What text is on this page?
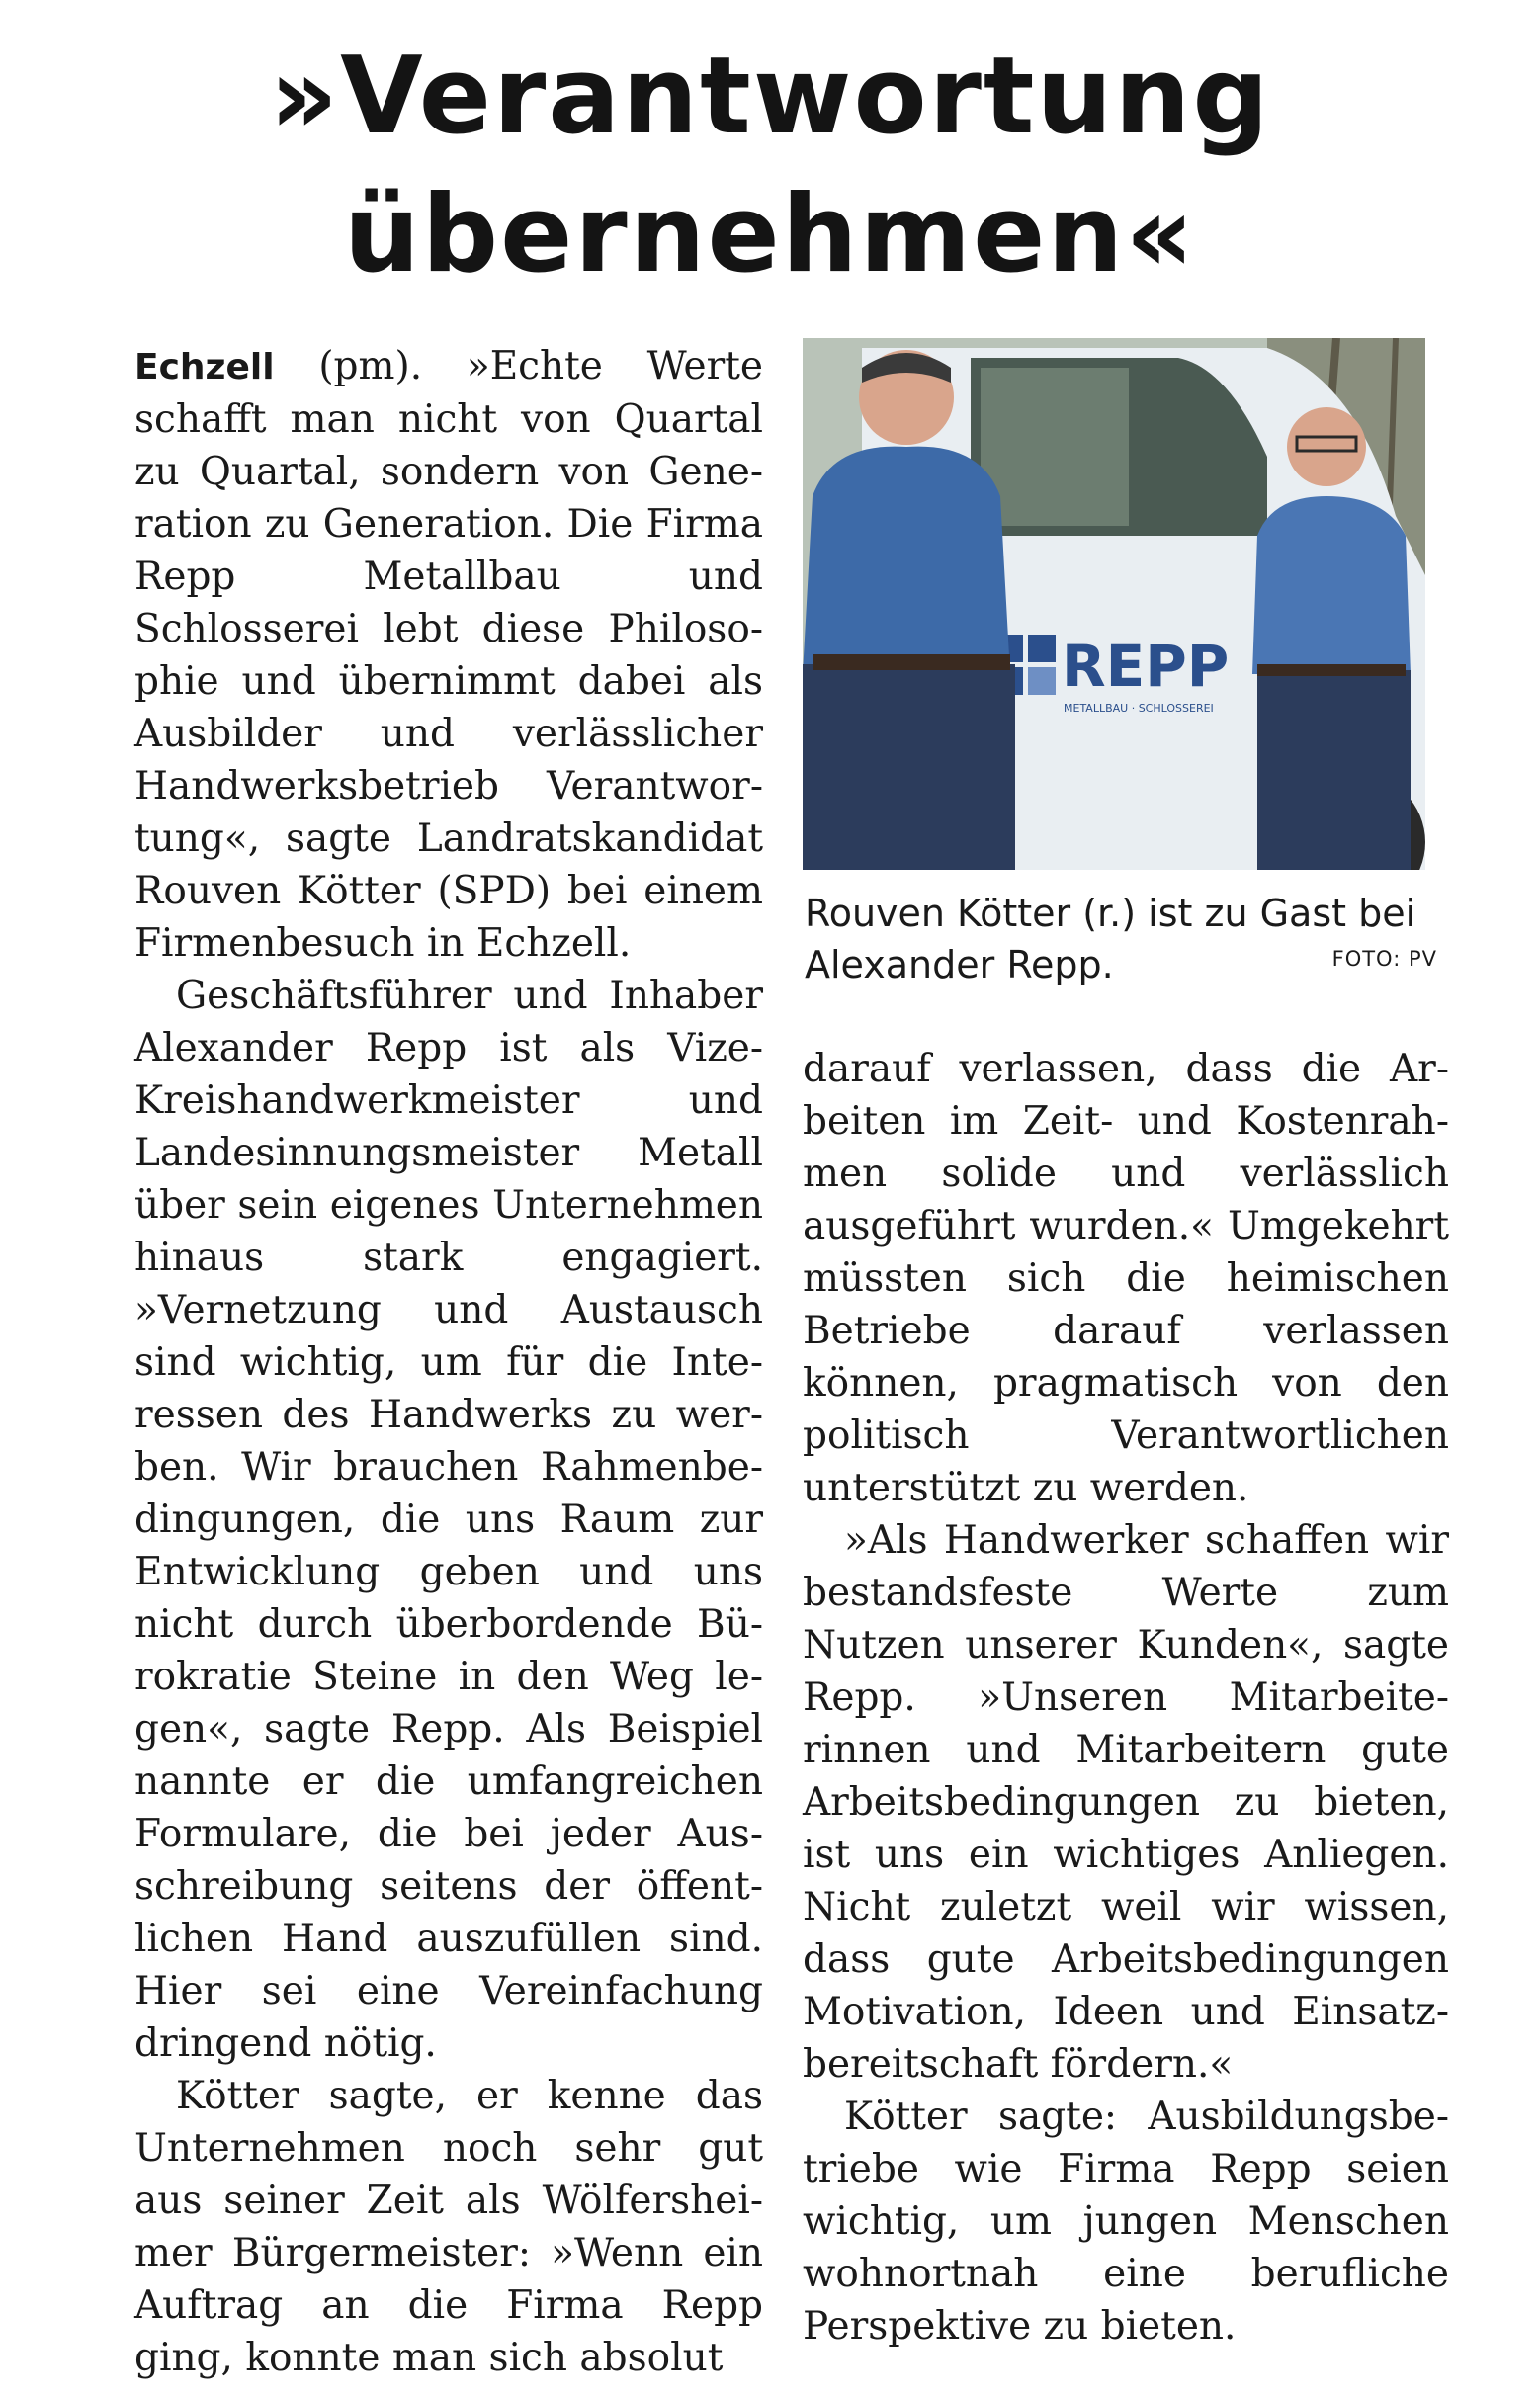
»Verantwortung
übernehmen«

Echzell (pm). »Echte Werte schafft man nicht von Quartal zu Quartal, sondern von Generation zu Generation. Die Firma Repp Metallbau und Schlosserei lebt diese Philosophie und übernimmt dabei als Ausbilder und verlässlicher Handwerksbetrieb Verantwortung«, sagte Landratskandidat Rouven Kötter (SPD) bei einem Firmenbesuch in Echzell.

Geschäftsführer und Inhaber Alexander Repp ist als Vize-Kreishandwerkmeister und Landesinnungsmeister Metall über sein eigenes Unternehmen hinaus stark engagiert. »Vernetzung und Austausch sind wichtig, um für die Interessen des Handwerks zu werben. Wir brauchen Rahmenbedingungen, die uns Raum zur Entwicklung geben und uns nicht durch überbordende Bürokratie Steine in den Weg legen«, sagte Repp. Als Beispiel nannte er die umfangreichen Formulare, die bei jeder Ausschreibung seitens der öffentlichen Hand auszufüllen sind. Hier sei eine Vereinfachung dringend nötig.

Kötter sagte, er kenne das Unternehmen noch sehr gut aus seiner Zeit als Wölfersheimer Bürgermeister: »Wenn ein Auftrag an die Firma Repp ging, konnte man sich absolut

REPP
METALLBAU · SCHLOSSEREI
Rouven Kötter (r.) ist zu Gast bei Alexander Repp.	FOTO: PV

darauf verlassen, dass die Arbeiten im Zeit- und Kostenrahmen solide und verlässlich ausgeführt wurden.« Umgekehrt müssten sich die heimischen Betriebe darauf verlassen können, pragmatisch von den politisch Verantwortlichen unterstützt zu werden.

»Als Handwerker schaffen wir bestandsfeste Werte zum Nutzen unserer Kunden«, sagte Repp. »Unseren Mitarbeiterinnen und Mitarbeitern gute Arbeitsbedingungen zu bieten, ist uns ein wichtiges Anliegen. Nicht zuletzt weil wir wissen, dass gute Arbeitsbedingungen Motivation, Ideen und Einsatzbereitschaft fördern.«

Kötter sagte: Ausbildungsbetriebe wie Firma Repp seien wichtig, um jungen Menschen wohnortnah eine berufliche Perspektive zu bieten.
